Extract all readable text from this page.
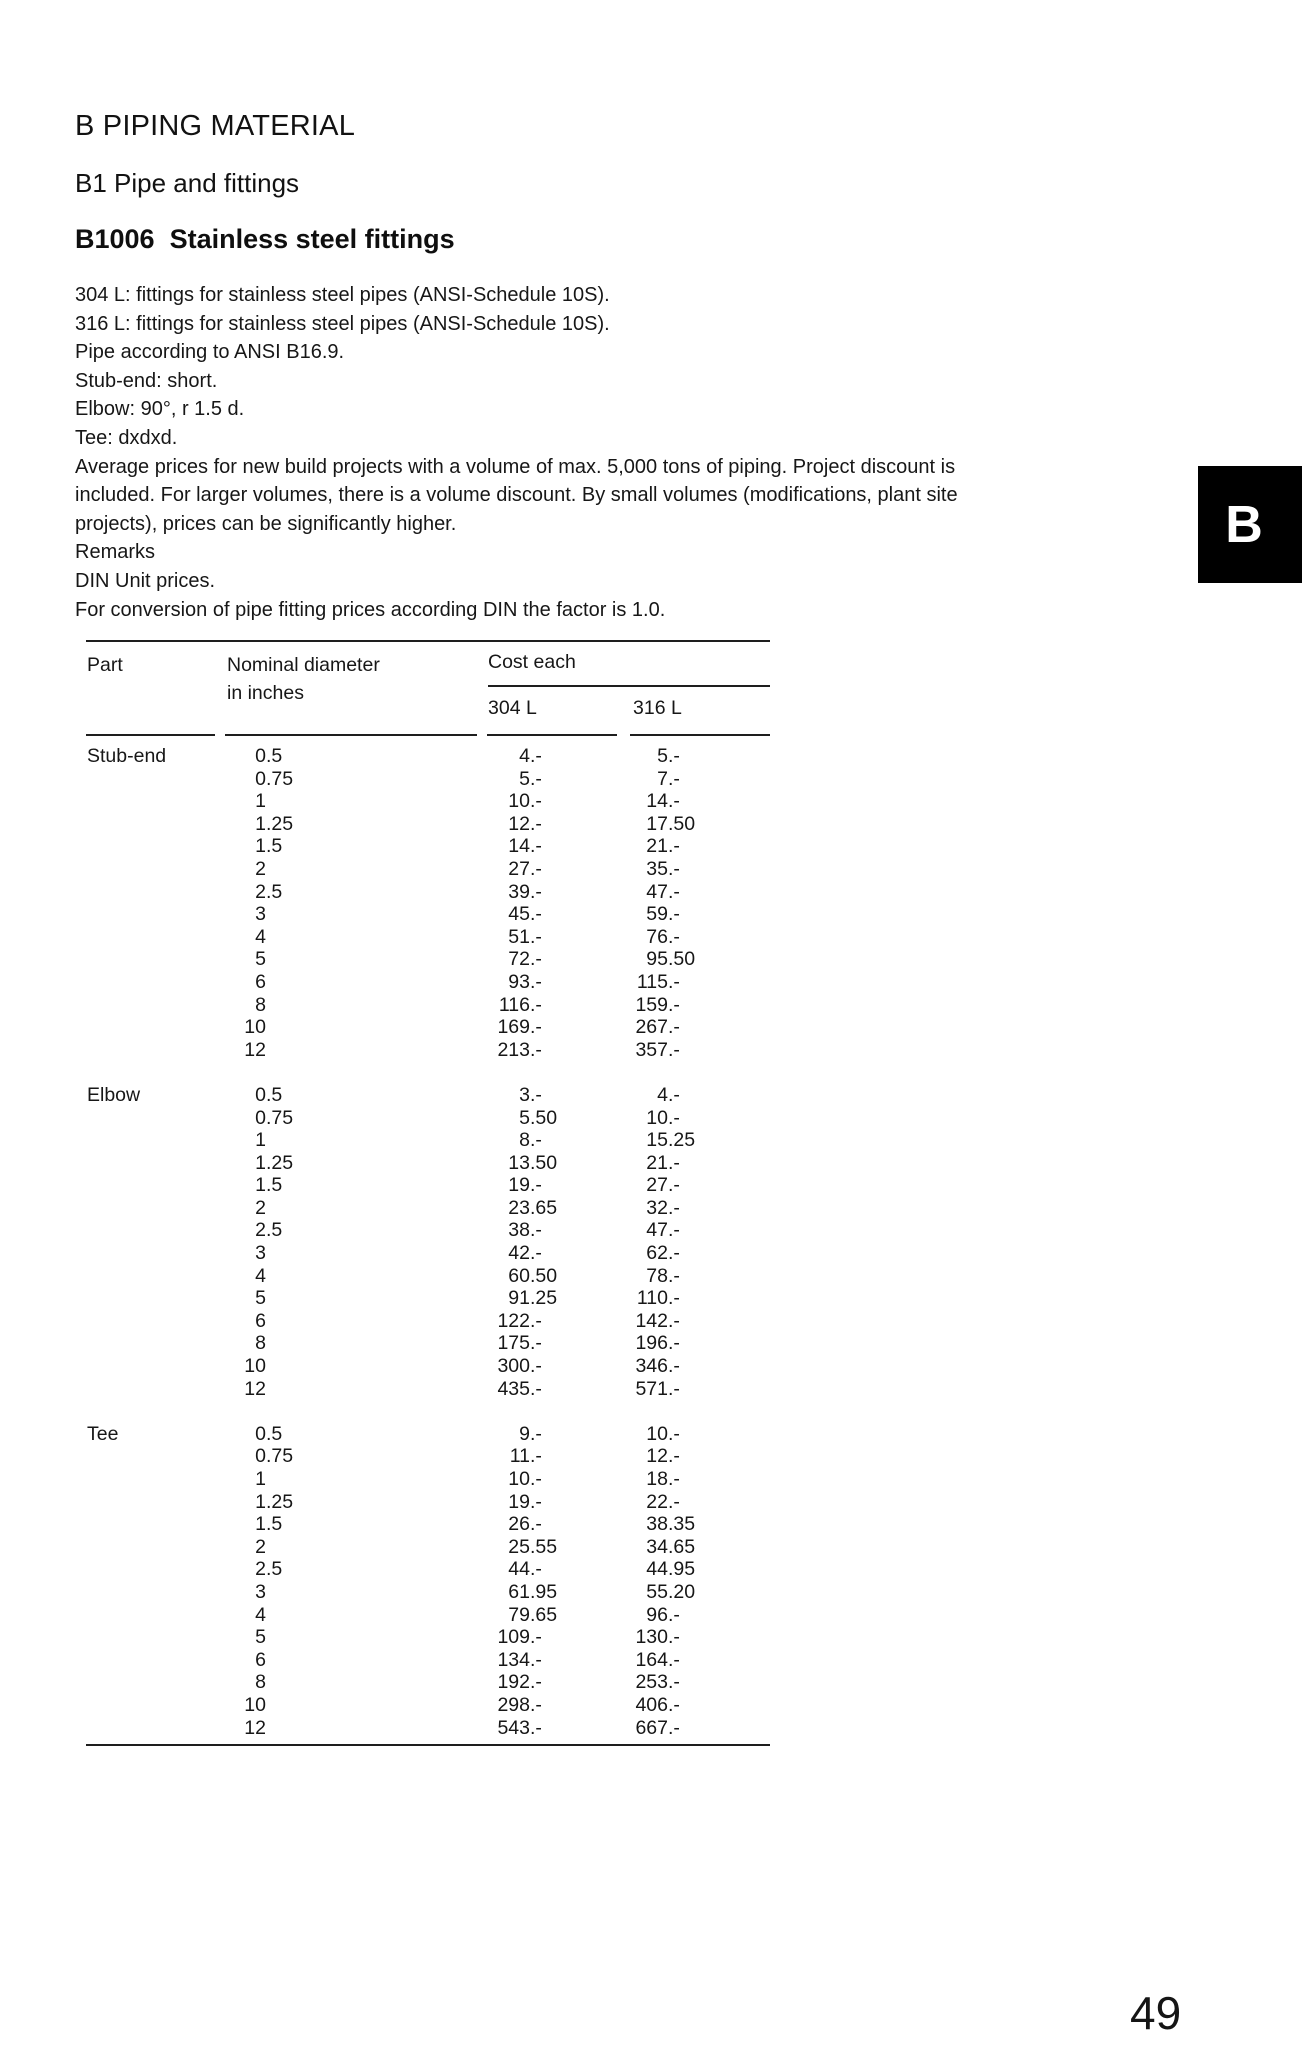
B PIPING MATERIAL
B1 Pipe and fittings
B1006 Stainless steel fittings
304 L: fittings for stainless steel pipes (ANSI-Schedule 10S).
316 L: fittings for stainless steel pipes (ANSI-Schedule 10S).
Pipe according to ANSI B16.9.
Stub-end: short.
Elbow: 90°, r 1.5 d.
Tee: dxdxd.
Average prices for new build projects with a volume of max. 5,000 tons of piping. Project discount is
included. For larger volumes, there is a volume discount. By small volumes (modifications, plant site
projects), prices can be significantly higher.
Remarks
DIN Unit prices.
For conversion of pipe fitting prices according DIN the factor is 1.0.
Part	Nominal diameter
in inches
Cost each
304 L	316 L
Stub-end	0 .5	4 .-	5 .-
0 .75	5 .-	7 .-
1	10 .-	14 .-
1 .25	12 .-	17 .50
1 .5	14 .-	21 .-
2	27 .-	35 .-
2 .5	39 .-	47 .-
3	45 .-	59 .-
4	51 .-	76 .-
5	72 .-	95 .50
6	93 .-	115 .-
8	116 .-	159 .-
10	169 .-	267 .-
12	213 .-	357 .-
Elbow	0 .5	3 .-	4 .-
0 .75	5 .50	10 .-
1	8 .-	15 .25
1 .25	13 .50	21 .-
1 .5	19 .-	27 .-
2	23 .65	32 .-
2 .5	38 .-	47 .-
3	42 .-	62 .-
4	60 .50	78 .-
5	91 .25	110 .-
6	122 .-	142 .-
8	175 .-	196 .-
10	300 .-	346 .-
12	435 .-	571 .-
Tee	0 .5	9 .-	10 .-
0 .75	11 .-	12 .-
1	10 .-	18 .-
1 .25	19 .-	22 .-
1 .5	26 .-	38 .35
2	25 .55	34 .65
2 .5	44 .-	44 .95
3	61 .95	55 .20
4	79 .65	96 .-
5	109 .-	130 .-
6	134 .-	164 .-
8	192 .-	253 .-
10	298 .-	406 .-
12	543 .-	667 .-
B
49
